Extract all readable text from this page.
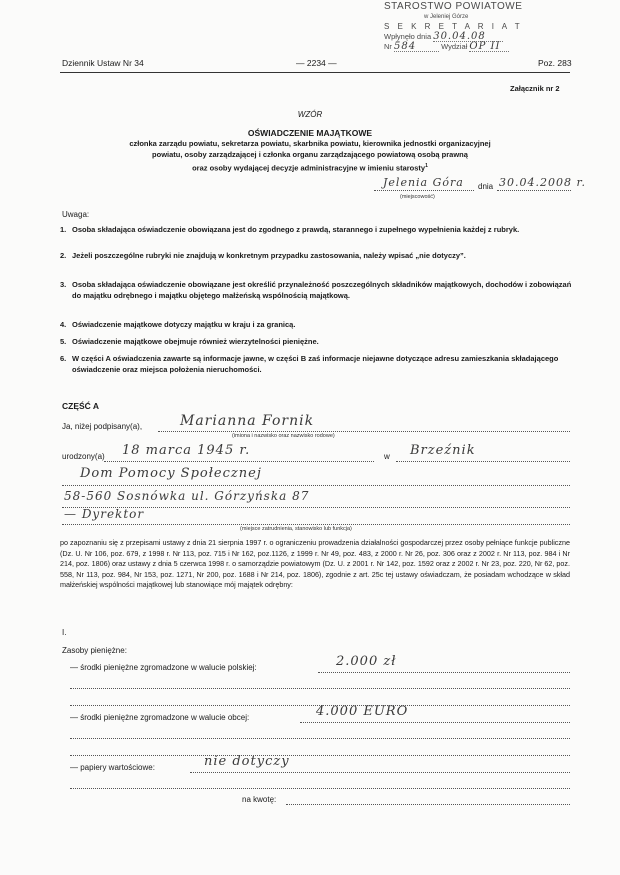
STAROSTWO POWIATOWE
w Jeleniej Górze
S E K R E T A R I A T
Wpłynęło dnia 30.04.08
Nr 584	Wydział OP II
Dziennik Ustaw Nr 34	— 2234 —	Poz. 283
Załącznik nr 2
WZÓR
OŚWIADCZENIE MAJĄTKOWE
członka zarządu powiatu, sekretarza powiatu, skarbnika powiatu, kierownika jednostki organizacyjnej
powiatu, osoby zarządzającej i członka organu zarządzającego powiatową osobą prawną
oraz osoby wydającej decyzje administracyjne w imieniu starosty$^1$
Jelenia Góra dnia 30.04.2008 r.
(miejscowość)
Uwaga:
1. Osoba składająca oświadczenie obowiązana jest do zgodnego z prawdą, starannego i zupełnego wypełnienia każdej z rubryk.
2. Jeżeli poszczególne rubryki nie znajdują w konkretnym przypadku zastosowania, należy wpisać „nie dotyczy”.
3. Osoba składająca oświadczenie obowiązane jest określić przynależność poszczególnych składników majątkowych, dochodów i zobowiązań do majątku odrębnego i majątku objętego małżeńską wspólnością majątkową.
4. Oświadczenie majątkowe dotyczy majątku w kraju i za granicą.
5. Oświadczenie majątkowe obejmuje również wierzytelności pieniężne.
6. W części A oświadczenia zawarte są informacje jawne, w części B zaś informacje niejawne dotyczące adresu zamieszkania składającego oświadczenie oraz miejsca położenia nieruchomości.
CZĘŚĆ A
Ja, niżej podpisany(a),	Marianna Fornik
(imiona i nazwisko oraz nazwisko rodowe)
urodzony(a) 18 marca 1945 r.	w Brzeźnik
Dom Pomocy Społecznej
58-560 Sosnówka ul. Górzyńska 87
— Dyrektor
(miejsce zatrudnienia, stanowisko lub funkcja)
po zapoznaniu się z przepisami ustawy z dnia 21 sierpnia 1997 r. o ograniczeniu prowadzenia działalności gospodarczej przez osoby pełniące funkcje publiczne (Dz. U. Nr 106, poz. 679, z 1998 r. Nr 113, poz. 715 i Nr 162, poz.1126, z 1999 r. Nr 49, poz. 483, z 2000 r. Nr 26, poz. 306 oraz z 2002 r. Nr 113, poz. 984 i Nr 214, poz. 1806) oraz ustawy z dnia 5 czerwca 1998 r. o samorządzie powiatowym (Dz. U. z 2001 r. Nr 142, poz. 1592 oraz z 2002 r. Nr 23, poz. 220, Nr 62, poz. 558, Nr 113, poz. 984, Nr 153, poz. 1271, Nr 200, poz. 1688 i Nr 214, poz. 1806), zgodnie z art. 25c tej ustawy oświadczam, że posiadam wchodzące w skład małżeńskiej wspólności majątkowej lub stanowiące mój majątek odrębny:
I.
Zasoby pieniężne:
— środki pieniężne zgromadzone w walucie polskiej:	2.000 zł
— środki pieniężne zgromadzone w walucie obcej:	4.000 EURO
— papiery wartościowe:	nie dotyczy
na kwotę:
